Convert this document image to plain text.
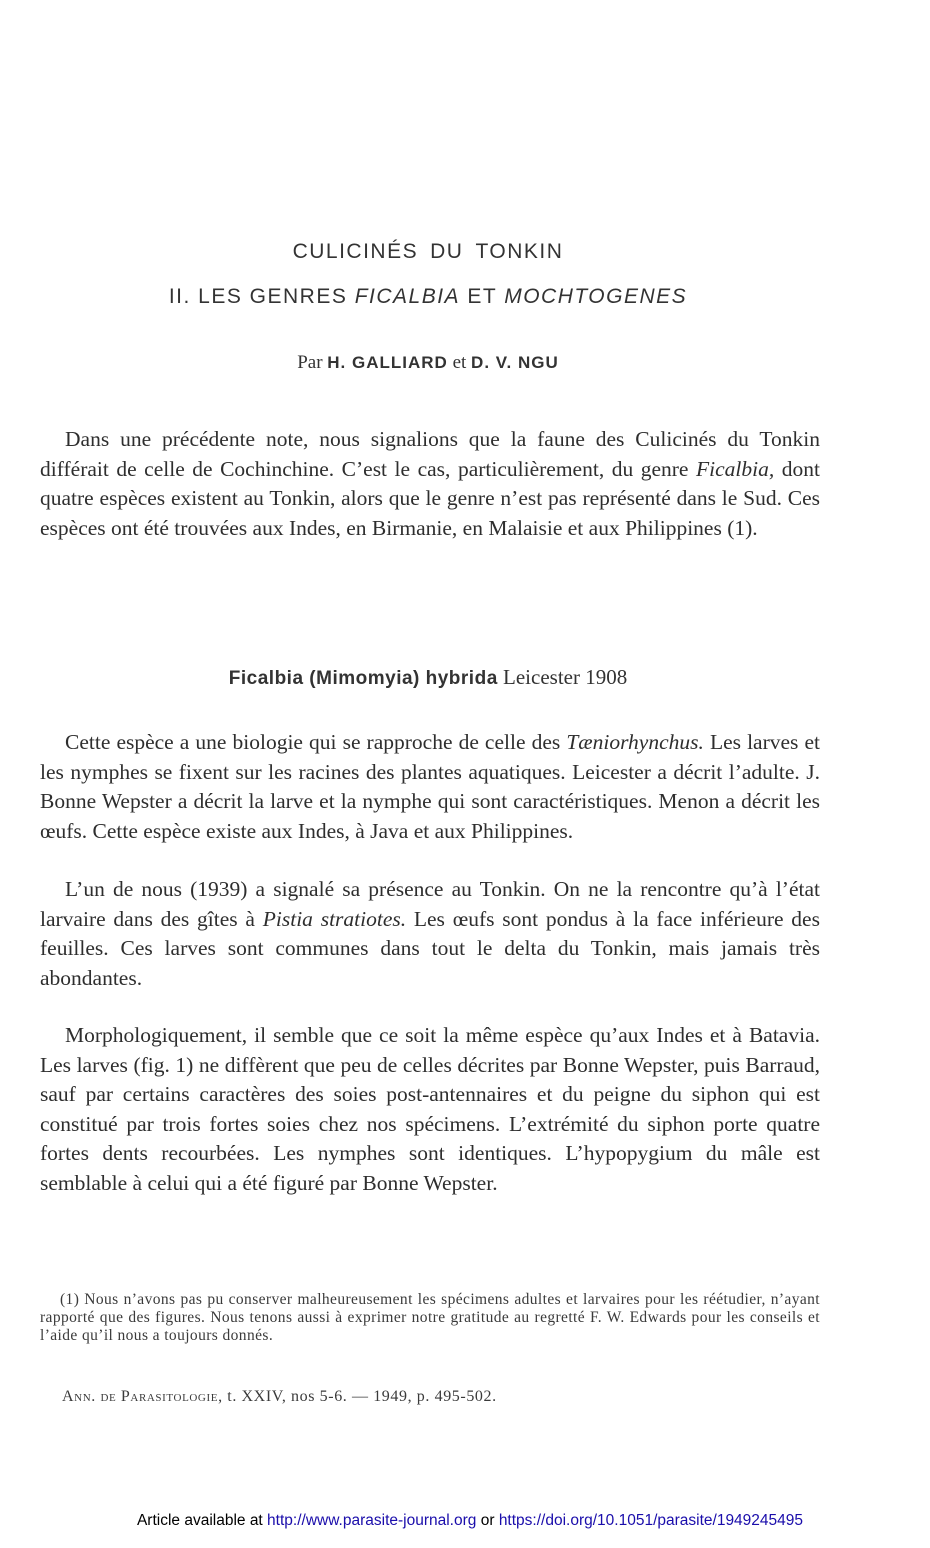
CULICINÉS DU TONKIN
II. LES GENRES FICALBIA ET MOCHTOGENES
Par H. GALLIARD et D. V. NGU

Dans une précédente note, nous signalions que la faune des Culicinés du Tonkin différait de celle de Cochinchine. C’est le cas, particulièrement, du genre Ficalbia, dont quatre espèces existent au Tonkin, alors que le genre n’est pas représenté dans le Sud. Ces espèces ont été trouvées aux Indes, en Birmanie, en Malaisie et aux Philippines (1).

Ficalbia (Mimomyia) hybrida Leicester 1908

Cette espèce a une biologie qui se rapproche de celle des Tæniorhynchus. Les larves et les nymphes se fixent sur les racines des plantes aquatiques. Leicester a décrit l’adulte. J. Bonne Wepster a décrit la larve et la nymphe qui sont caractéristiques. Menon a décrit les œufs. Cette espèce existe aux Indes, à Java et aux Philippines.

L’un de nous (1939) a signalé sa présence au Tonkin. On ne la rencontre qu’à l’état larvaire dans des gîtes à Pistia stratiotes. Les œufs sont pondus à la face inférieure des feuilles. Ces larves sont communes dans tout le delta du Tonkin, mais jamais très abondantes.

Morphologiquement, il semble que ce soit la même espèce qu’aux Indes et à Batavia. Les larves (fig. 1) ne diffèrent que peu de celles décrites par Bonne Wepster, puis Barraud, sauf par certains caractères des soies post-antennaires et du peigne du siphon qui est constitué par trois fortes soies chez nos spécimens. L’extrémité du siphon porte quatre fortes dents recourbées. Les nymphes sont identiques. L’hypopygium du mâle est semblable à celui qui a été figuré par Bonne Wepster.

(1) Nous n’avons pas pu conserver malheureusement les spécimens adultes et larvaires pour les réétudier, n’ayant rapporté que des figures. Nous tenons aussi à exprimer notre gratitude au regretté F. W. Edwards pour les conseils et l’aide qu’il nous a toujours donnés.

Ann. de Parasitologie, t. XXIV, nos 5-6. — 1949, p. 495-502.
Article available at http://www.parasite-journal.org or https://doi.org/10.1051/parasite/1949245495
